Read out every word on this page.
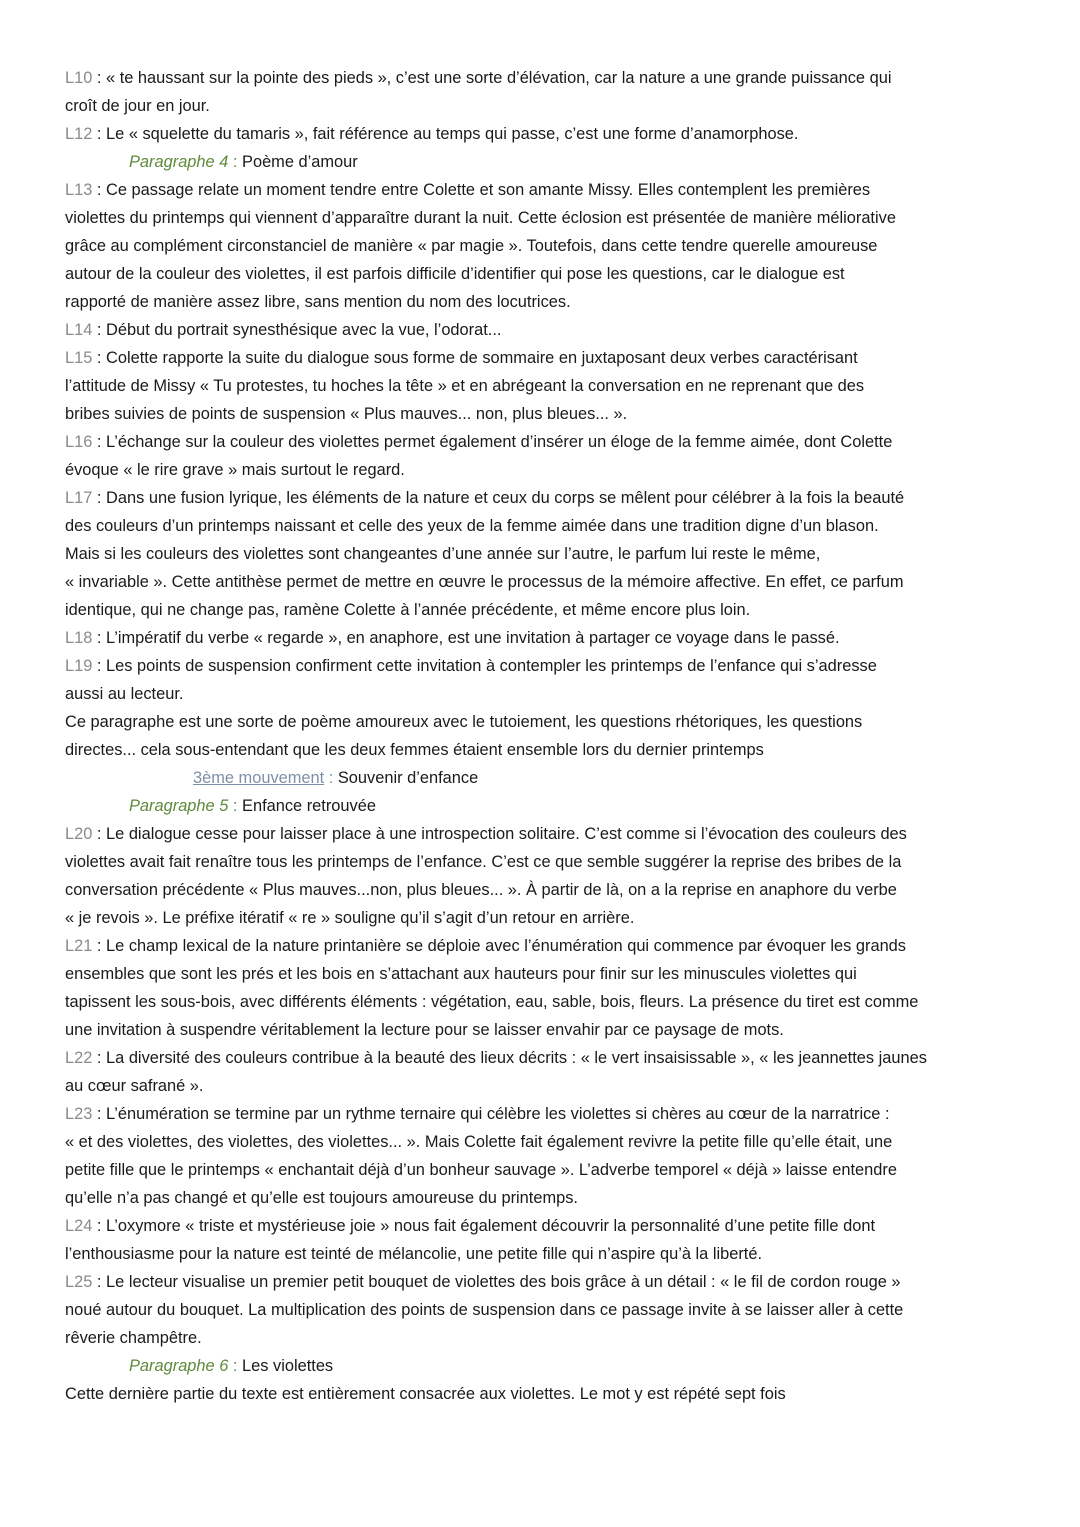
L10 : « te haussant sur la pointe des pieds », c’est une sorte d’élévation, car la nature a une grande puissance qui
croît de jour en jour.
L12 : Le « squelette du tamaris », fait référence au temps qui passe, c’est une forme d’anamorphose.
Paragraphe 4 : Poème d’amour
L13 : Ce passage relate un moment tendre entre Colette et son amante Missy. Elles contemplent les premières
violettes du printemps qui viennent d’apparaître durant la nuit. Cette éclosion est présentée de manière méliorative
grâce au complément circonstanciel de manière « par magie ». Toutefois, dans cette tendre querelle amoureuse
autour de la couleur des violettes, il est parfois difficile d’identifier qui pose les questions, car le dialogue est
rapporté de manière assez libre, sans mention du nom des locutrices.
L14 : Début du portrait synesthésique avec la vue, l’odorat...
L15 : Colette rapporte la suite du dialogue sous forme de sommaire en juxtaposant deux verbes caractérisant
l’attitude de Missy « Tu protestes, tu hoches la tête » et en abrégeant la conversation en ne reprenant que des
bribes suivies de points de suspension « Plus mauves... non, plus bleues... ».
L16 : L’échange sur la couleur des violettes permet également d’insérer un éloge de la femme aimée, dont Colette
évoque « le rire grave » mais surtout le regard.
L17 : Dans une fusion lyrique, les éléments de la nature et ceux du corps se mêlent pour célébrer à la fois la beauté
des couleurs d’un printemps naissant et celle des yeux de la femme aimée dans une tradition digne d’un blason.
Mais si les couleurs des violettes sont changeantes d’une année sur l’autre, le parfum lui reste le même,
« invariable ». Cette antithèse permet de mettre en œuvre le processus de la mémoire affective. En effet, ce parfum
identique, qui ne change pas, ramène Colette à l’année précédente, et même encore plus loin.
L18 : L’impératif du verbe « regarde », en anaphore, est une invitation à partager ce voyage dans le passé.
L19 : Les points de suspension confirment cette invitation à contempler les printemps de l’enfance qui s’adresse
aussi au lecteur.
Ce paragraphe est une sorte de poème amoureux avec le tutoiement, les questions rhétoriques, les questions
directes... cela sous-entendant que les deux femmes étaient ensemble lors du dernier printemps
3ème mouvement : Souvenir d’enfance
Paragraphe 5 : Enfance retrouvée
L20 : Le dialogue cesse pour laisser place à une introspection solitaire. C’est comme si l’évocation des couleurs des
violettes avait fait renaître tous les printemps de l’enfance. C’est ce que semble suggérer la reprise des bribes de la
conversation précédente « Plus mauves...non, plus bleues... ». À partir de là, on a la reprise en anaphore du verbe
« je revois ». Le préfixe itératif « re » souligne qu’il s’agit d’un retour en arrière.
L21 : Le champ lexical de la nature printanière se déploie avec l’énumération qui commence par évoquer les grands
ensembles que sont les prés et les bois en s’attachant aux hauteurs pour finir sur les minuscules violettes qui
tapissent les sous-bois, avec différents éléments : végétation, eau, sable, bois, fleurs. La présence du tiret est comme
une invitation à suspendre véritablement la lecture pour se laisser envahir par ce paysage de mots.
L22 : La diversité des couleurs contribue à la beauté des lieux décrits : « le vert insaisissable », « les jeannettes jaunes
au cœur safrané ».
L23 : L’énumération se termine par un rythme ternaire qui célèbre les violettes si chères au cœur de la narratrice :
« et des violettes, des violettes, des violettes... ». Mais Colette fait également revivre la petite fille qu’elle était, une
petite fille que le printemps « enchantait déjà d’un bonheur sauvage ». L’adverbe temporel « déjà » laisse entendre
qu’elle n’a pas changé et qu’elle est toujours amoureuse du printemps.
L24 : L’oxymore « triste et mystérieuse joie » nous fait également découvrir la personnalité d’une petite fille dont
l’enthousiasme pour la nature est teinté de mélancolie, une petite fille qui n’aspire qu’à la liberté.
L25 : Le lecteur visualise un premier petit bouquet de violettes des bois grâce à un détail : « le fil de cordon rouge »
noué autour du bouquet. La multiplication des points de suspension dans ce passage invite à se laisser aller à cette
rêverie champêtre.
Paragraphe 6 : Les violettes
Cette dernière partie du texte est entièrement consacrée aux violettes. Le mot y est répété sept fois
